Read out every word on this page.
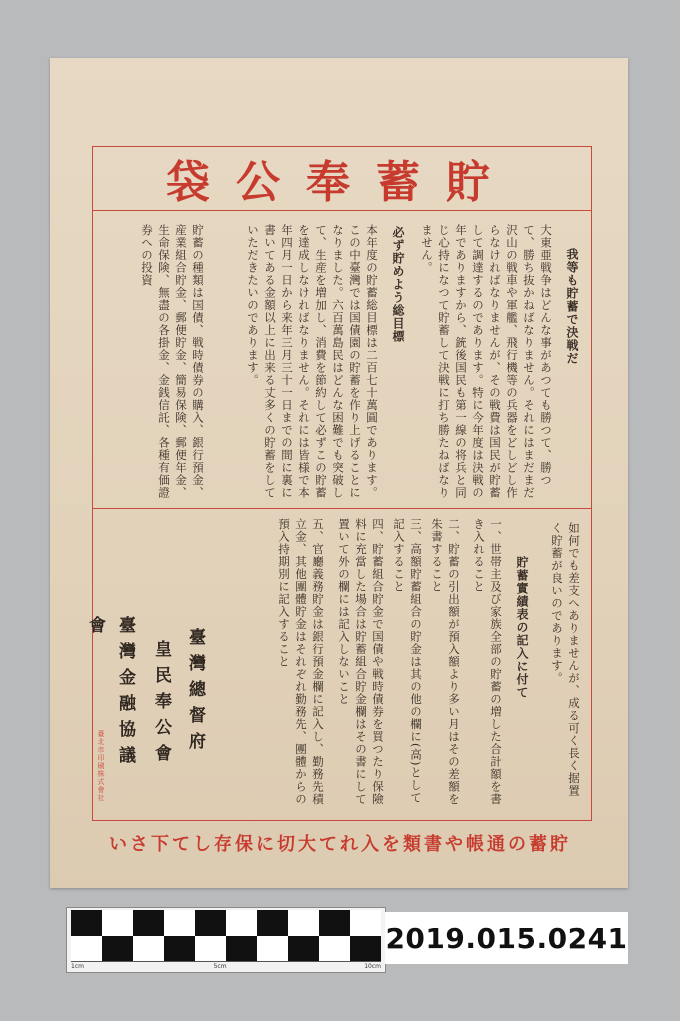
貯蓄奉公袋
我等も貯蓄で決戦だ
大東亜戦争はどんな事があつても勝つて、勝つて、勝ち抜かねばなりません。それにはまだまだ沢山の戦車や軍艦、飛行機等の兵器をどしどし作らなければなりませんが、その戦費は国民が貯蓄して調達するのであります。特に今年度は決戦の年でありますから、銃後国民も第一線の将兵と同じ心持になつて貯蓄して決戦に打ち勝たねばなりません。
必ず貯めよう総目標
本年度の貯蓄総目標は二百七十萬圓であります。この中臺灣では国債園の貯蓄を作り上げることになりました。六百萬島民はどんな困難でも突破して、生産を増加し、消費を節約して必ずこの貯蓄を達成しなければなりません。それには皆様で本年四月一日から来年三月三十一日までの間に裏に書いてある金額以上に出来る丈多くの貯蓄をしていただきたいのであります。
貯蓄の種類は国債、戦時債券の購入、銀行預金、産業組合貯金、郵便貯金、簡易保険、郵便年金、生命保険、無盡の各掛金、金銭信託、各種有価證券への投資
如何でも差支へありませんが、成る可く長く据置く貯蓄が良いのであります。
貯蓄實績表の記入に付て
一、世帯主及び家族全部の貯蓄の増した合計額を書き入れること
二、貯蓄の引出額が預入額より多い月はその差額を朱書すること
三、高額貯蓄組合の貯金は其の他の欄に(高)として記入すること
四、貯蓄組合貯金で国債や戦時債券を買つたり保險料に充當した場合は貯蓄組合貯金欄はその書にして置いて外の欄には記入しないこと
五、官廳義務貯金は銀行預金欄に記入し、勤務先積立金、其他團體貯金はそれぞれ勤務先、團體からの預入持期別に記入すること
臺灣總督府
皇民奉公會
臺灣金融協議會
臺北市印刷株式會社
貯蓄の通帳や書類を入れて大切に保存して下さい
1cm	5cm	10cm
2019.015.0241
